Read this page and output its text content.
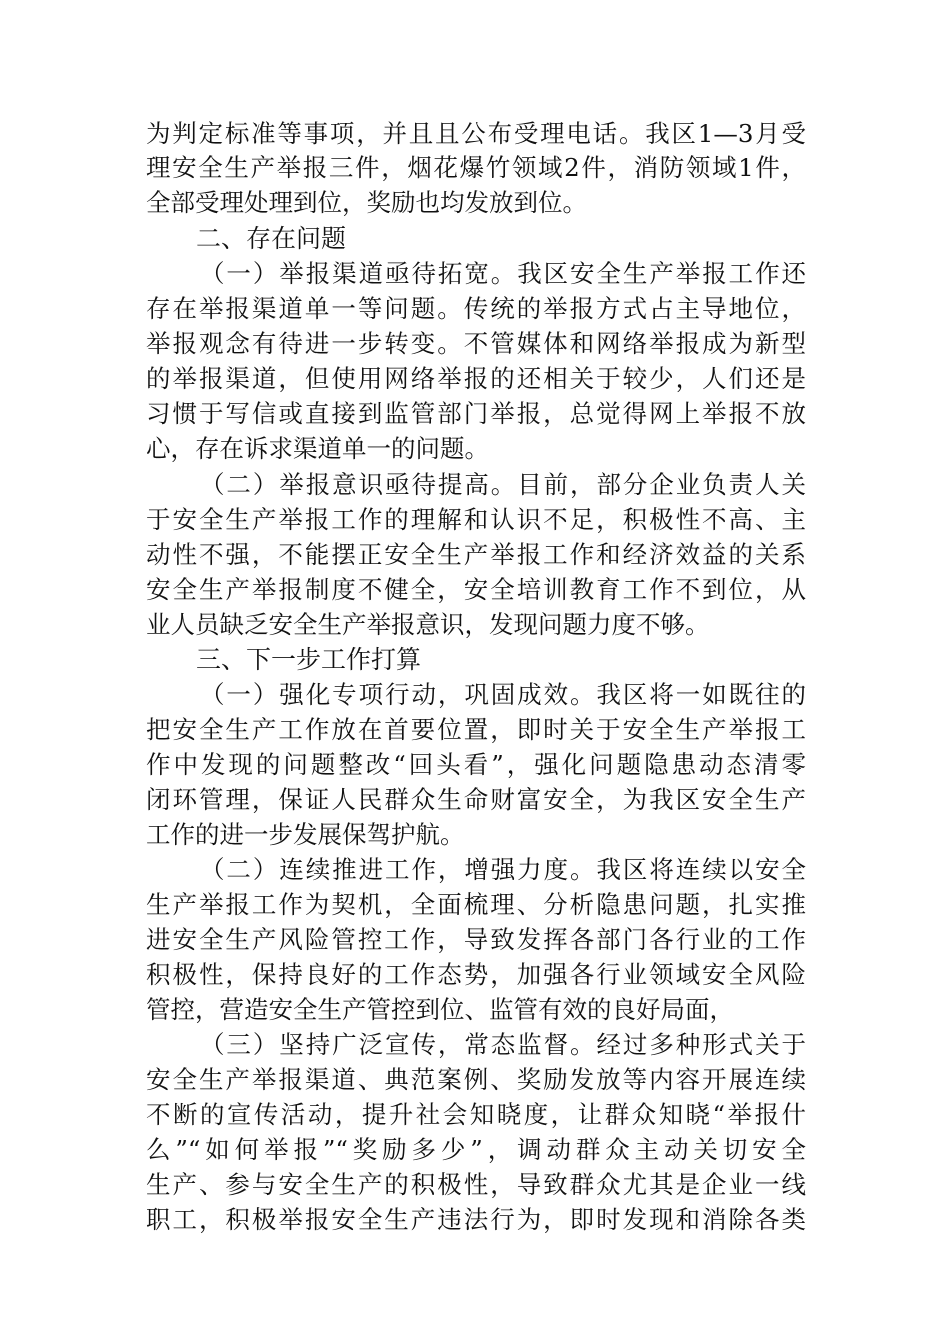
为判定标准等事项，并且且公布受理电话。我区1—3月受
理安全生产举报三件，烟花爆竹领域2件，消防领域1件，
全部受理处理到位，奖励也均发放到位。
二、存在问题
（一）举报渠道亟待拓宽。我区安全生产举报工作还
存在举报渠道单一等问题。传统的举报方式占主导地位，
举报观念有待进一步转变。不管媒体和网络举报成为新型
的举报渠道，但使用网络举报的还相关于较少，人们还是
习惯于写信或直接到监管部门举报，总觉得网上举报不放
心，存在诉求渠道单一的问题。
（二）举报意识亟待提高。目前，部分企业负责人关
于安全生产举报工作的理解和认识不足，积极性不高、主
动性不强，不能摆正安全生产举报工作和经济效益的关系
安全生产举报制度不健全，安全培训教育工作不到位，从
业人员缺乏安全生产举报意识，发现问题力度不够。
三、下一步工作打算
（一）强化专项行动，巩固成效。我区将一如既往的
把安全生产工作放在首要位置，即时关于安全生产举报工
作中发现的问题整改“回头看”，强化问题隐患动态清零
闭环管理，保证人民群众生命财富安全，为我区安全生产
工作的进一步发展保驾护航。
（二）连续推进工作，增强力度。我区将连续以安全
生产举报工作为契机，全面梳理、分析隐患问题，扎实推
进安全生产风险管控工作，导致发挥各部门各行业的工作
积极性，保持良好的工作态势，加强各行业领域安全风险
管控，营造安全生产管控到位、监管有效的良好局面，
（三）坚持广泛宣传，常态监督。经过多种形式关于
安全生产举报渠道、典范案例、奖励发放等内容开展连续
不断的宣传活动，提升社会知晓度，让群众知晓“举报什
么”“如何举报”“奖励多少”，调动群众主动关切安全
生产、参与安全生产的积极性，导致群众尤其是企业一线
职工，积极举报安全生产违法行为，即时发现和消除各类
